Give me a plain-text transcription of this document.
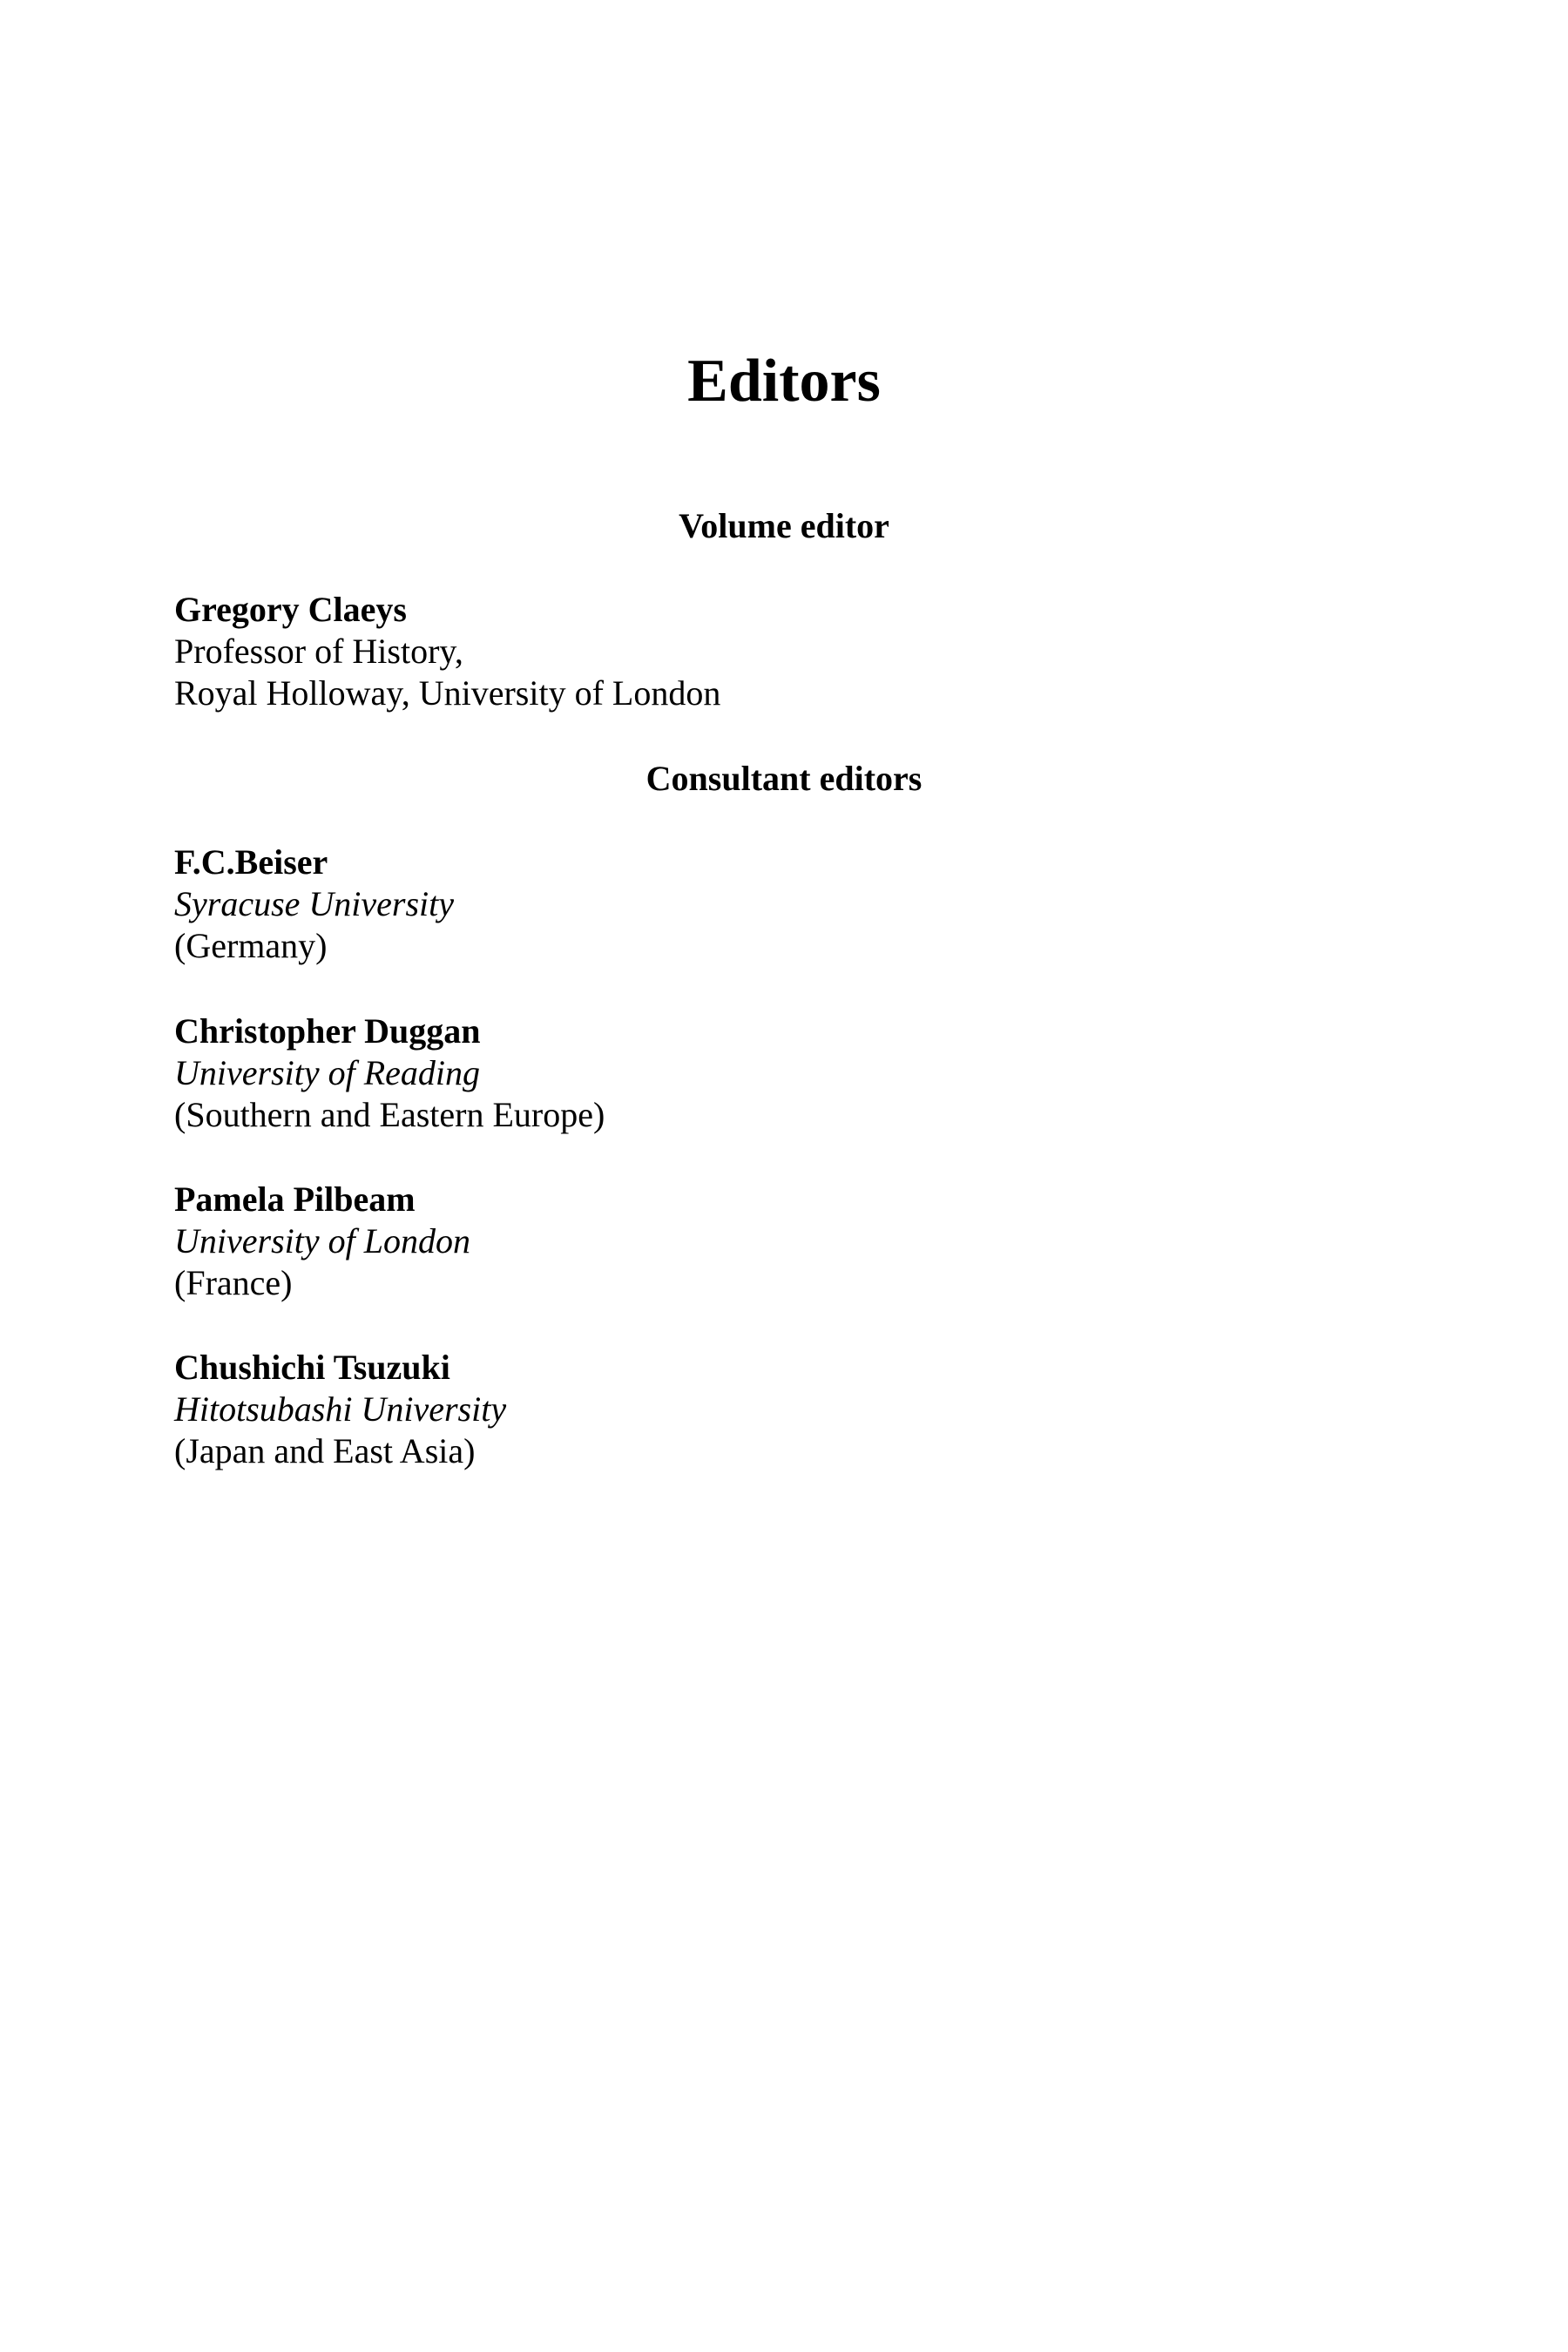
Editors
Volume editor
Gregory Claeys
Professor of History,
Royal Holloway, University of London
Consultant editors
F.C.Beiser
Syracuse University
(Germany)
Christopher Duggan
University of Reading
(Southern and Eastern Europe)
Pamela Pilbeam
University of London
(France)
Chushichi Tsuzuki
Hitotsubashi University
(Japan and East Asia)
